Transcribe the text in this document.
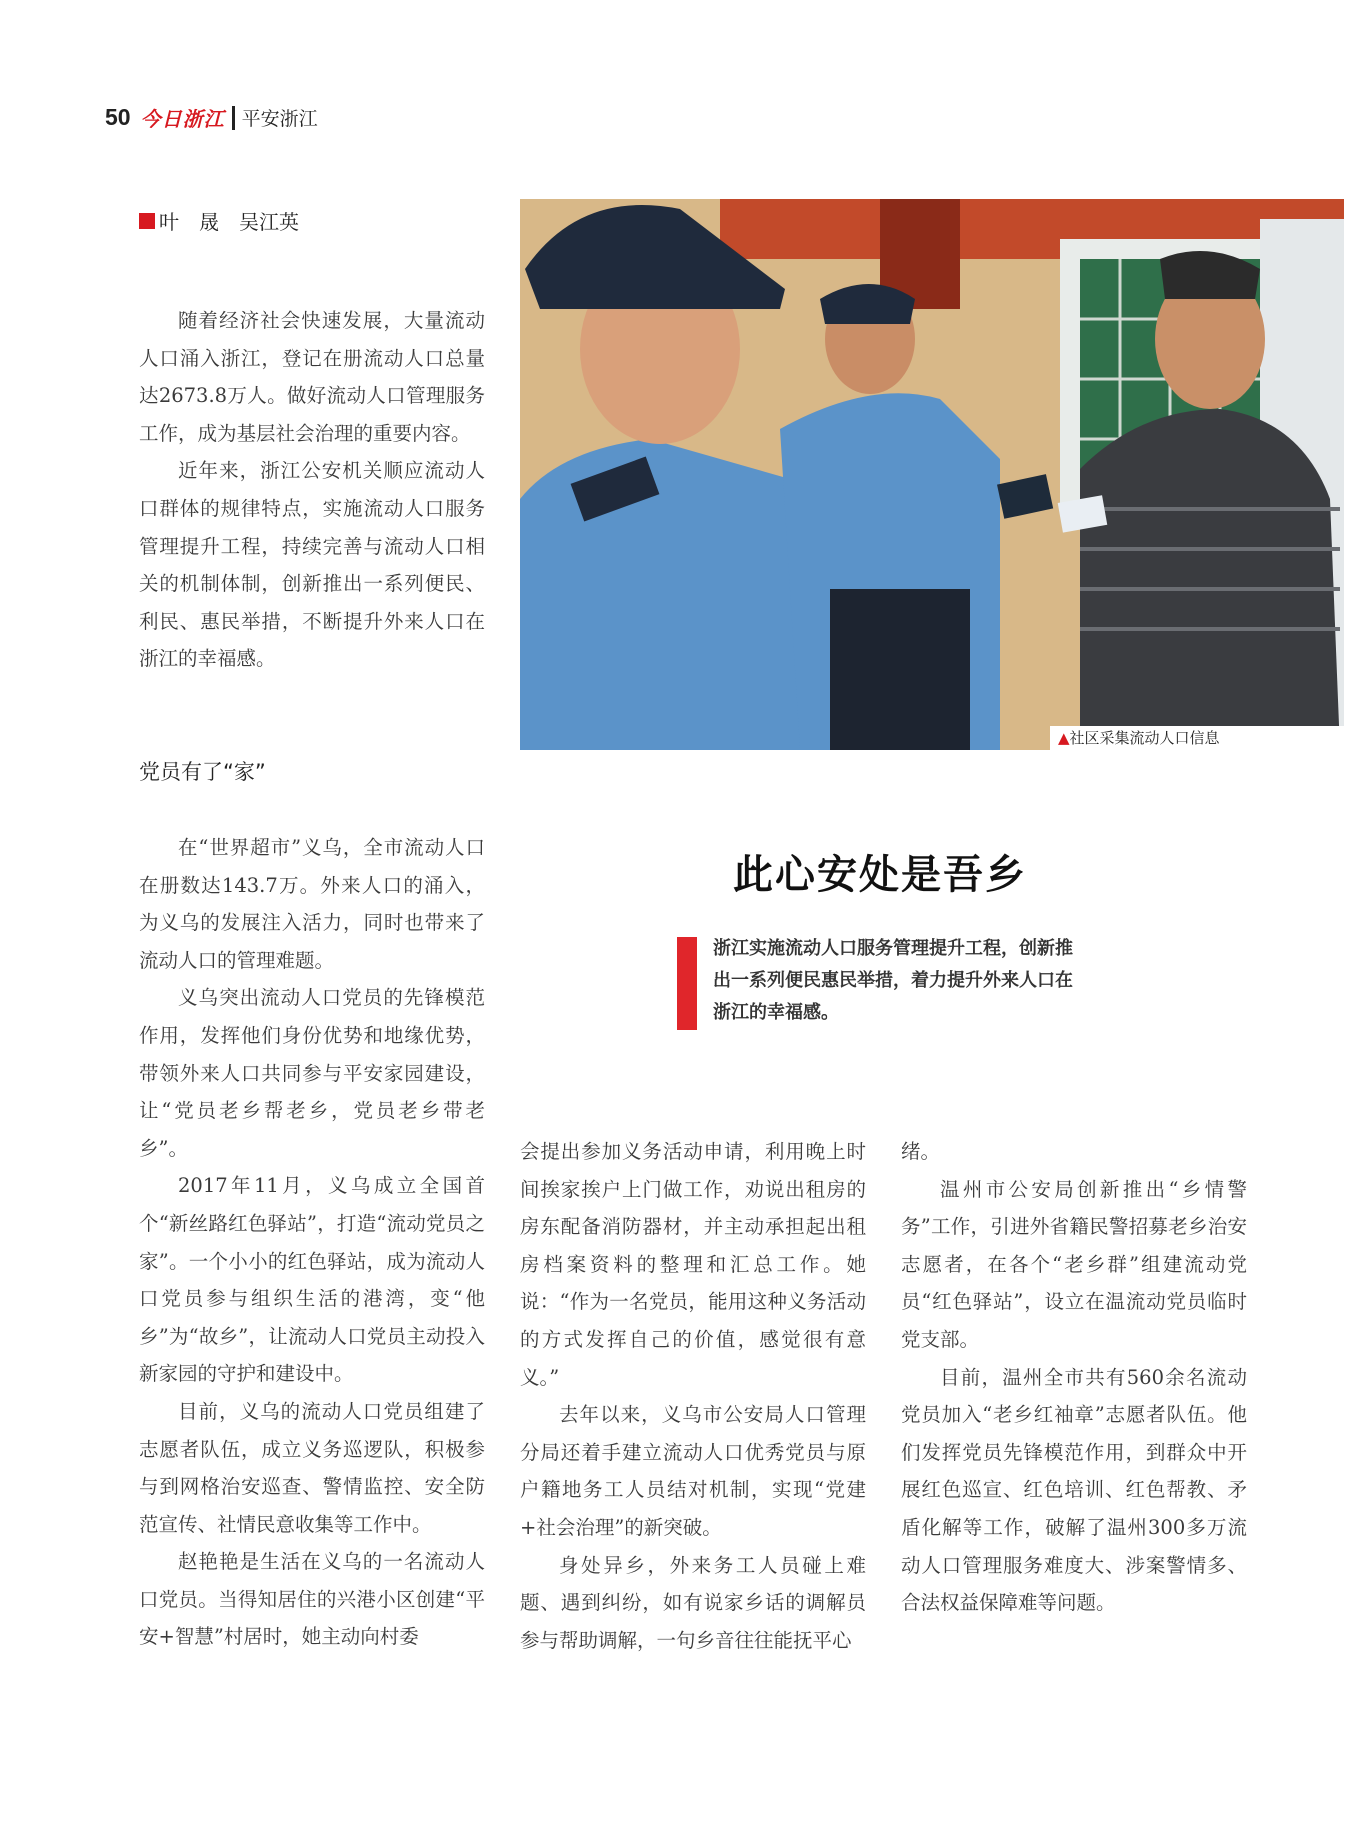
50 今日浙江 平安浙江
叶　晟　吴江英

随着经济社会快速发展，大量流动人口涌入浙江，登记在册流动人口总量达2673.8万人。做好流动人口管理服务工作，成为基层社会治理的重要内容。

近年来，浙江公安机关顺应流动人口群体的规律特点，实施流动人口服务管理提升工程，持续完善与流动人口相关的机制体制，创新推出一系列便民、利民、惠民举措，不断提升外来人口在浙江的幸福感。

党员有了“家”

在“世界超市”义乌，全市流动人口在册数达143.7万。外来人口的涌入，为义乌的发展注入活力，同时也带来了流动人口的管理难题。

义乌突出流动人口党员的先锋模范作用，发挥他们身份优势和地缘优势，带领外来人口共同参与平安家园建设，让“党员老乡帮老乡，党员老乡带老乡”。

2017年11月，义乌成立全国首个“新丝路红色驿站”，打造“流动党员之家”。一个小小的红色驿站，成为流动人口党员参与组织生活的港湾，变“他乡”为“故乡”，让流动人口党员主动投入新家园的守护和建设中。

目前，义乌的流动人口党员组建了志愿者队伍，成立义务巡逻队，积极参与到网格治安巡查、警情监控、安全防范宣传、社情民意收集等工作中。

赵艳艳是生活在义乌的一名流动人口党员。当得知居住的兴港小区创建“平安+智慧”村居时，她主动向村委

会提出参加义务活动申请，利用晚上时间挨家挨户上门做工作，劝说出租房的房东配备消防器材，并主动承担起出租房档案资料的整理和汇总工作。她说：“作为一名党员，能用这种义务活动的方式发挥自己的价值，感觉很有意义。”

去年以来，义乌市公安局人口管理分局还着手建立流动人口优秀党员与原户籍地务工人员结对机制，实现“党建+社会治理”的新突破。

身处异乡，外来务工人员碰上难题、遇到纠纷，如有说家乡话的调解员参与帮助调解，一句乡音往往能抚平心

绪。

温州市公安局创新推出“乡情警务”工作，引进外省籍民警招募老乡治安志愿者，在各个“老乡群”组建流动党员“红色驿站”，设立在温流动党员临时党支部。

目前，温州全市共有560余名流动党员加入“老乡红袖章”志愿者队伍。他们发挥党员先锋模范作用，到群众中开展红色巡宣、红色培训、红色帮教、矛盾化解等工作，破解了温州300多万流动人口管理服务难度大、涉案警情多、合法权益保障难等问题。

▲社区采集流动人口信息
此心安处是吾乡
浙江实施流动人口服务管理提升工程，创新推出一系列便民惠民举措，着力提升外来人口在浙江的幸福感。
